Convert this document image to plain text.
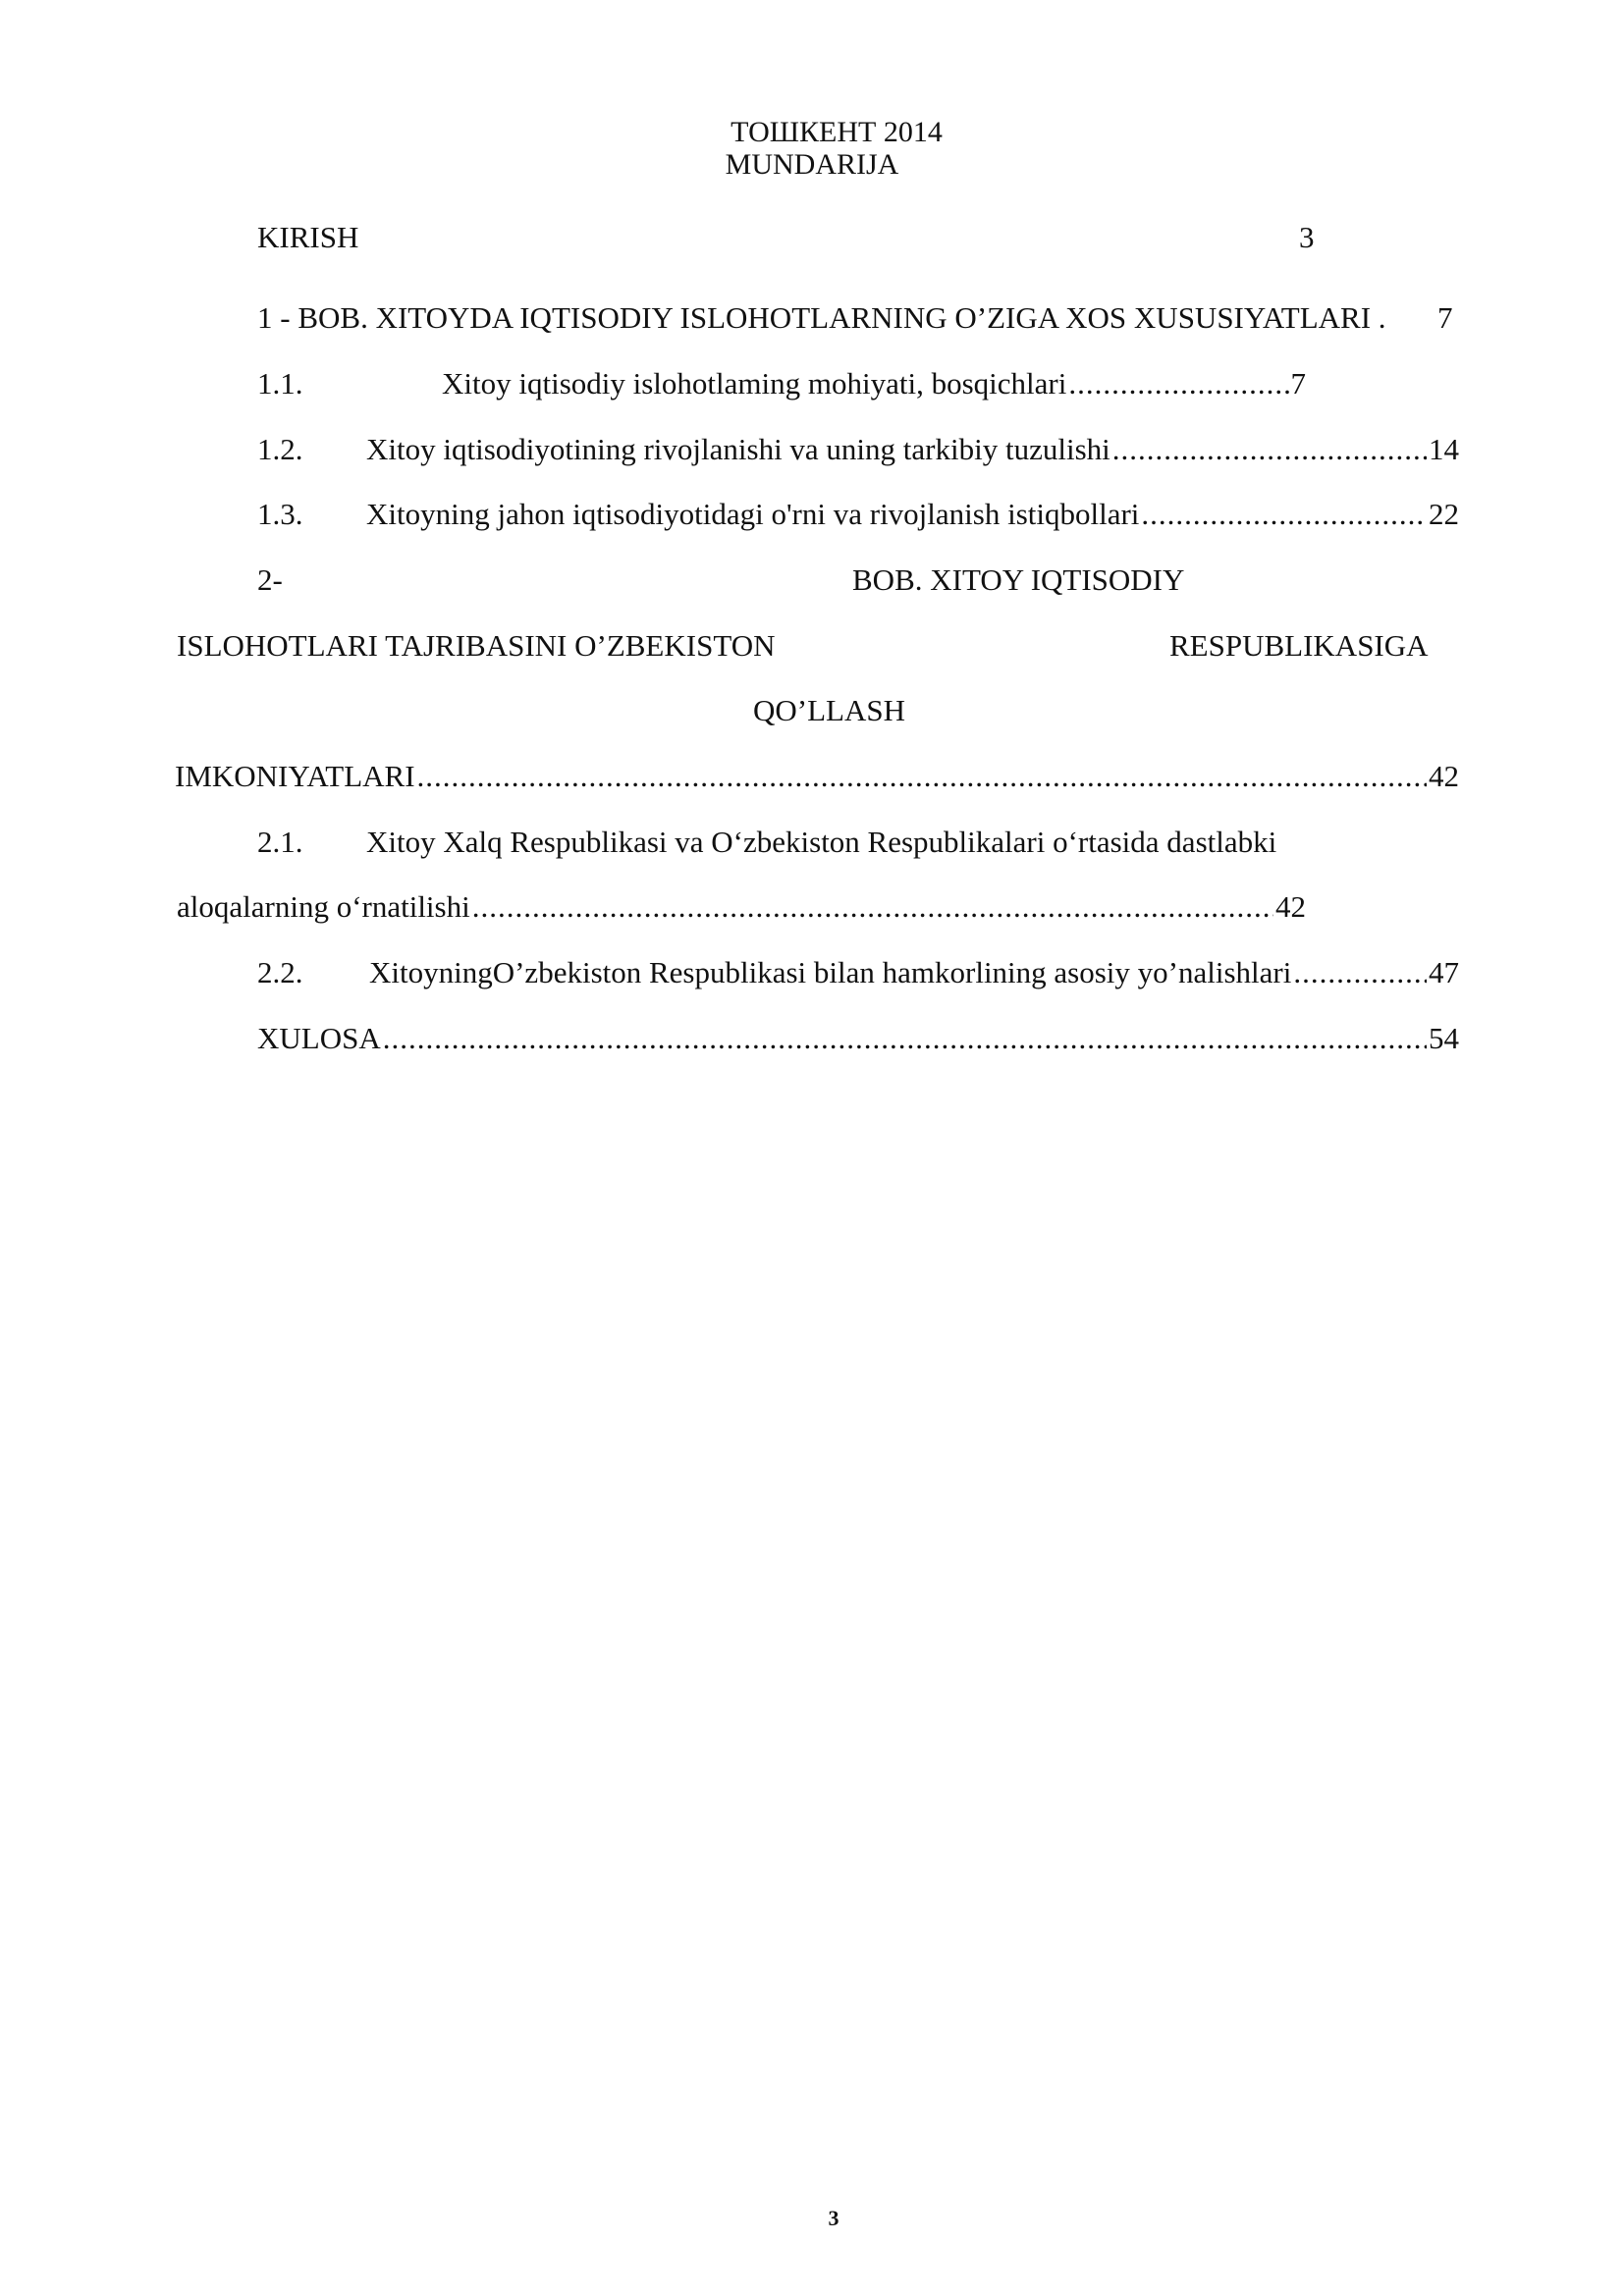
ТОШКЕНТ 2014
MUNDARIJA
KIRISH	3
1 - BOB. XITOYDA IQTISODIY ISLOHOTLARNING O’ZIGA XOS XUSUSIYATLARI . 7
1.1.	Xitoy iqtisodiy islohotlaming mohiyati, bosqichlari .....	7
1.2. Xitoy iqtisodiyotining rivojlanishi va uning tarkibiy tuzulishi .....	14
1.3. Xitoyning jahon iqtisodiyotidagi o'rni va rivojlanish istiqbollari .....	22
2-	BOB. XITOY IQTISODIY
ISLOHOTLARI TAJRIBASINI O’ZBEKISTON	RESPUBLIKASIGA
QO’LLASH
IMKONIYATLARI .....	42
2.1. Xitoy Xalq Respublikasi va O‘zbekiston Respublikalari o‘rtasida dastlabki
aloqalarning o‘rnatilishi .....	42
2.2. XitoyningO’zbekiston Respublikasi bilan hamkorlining asosiy yo’nalishlari .....	47
XULOSA .....	54
3
